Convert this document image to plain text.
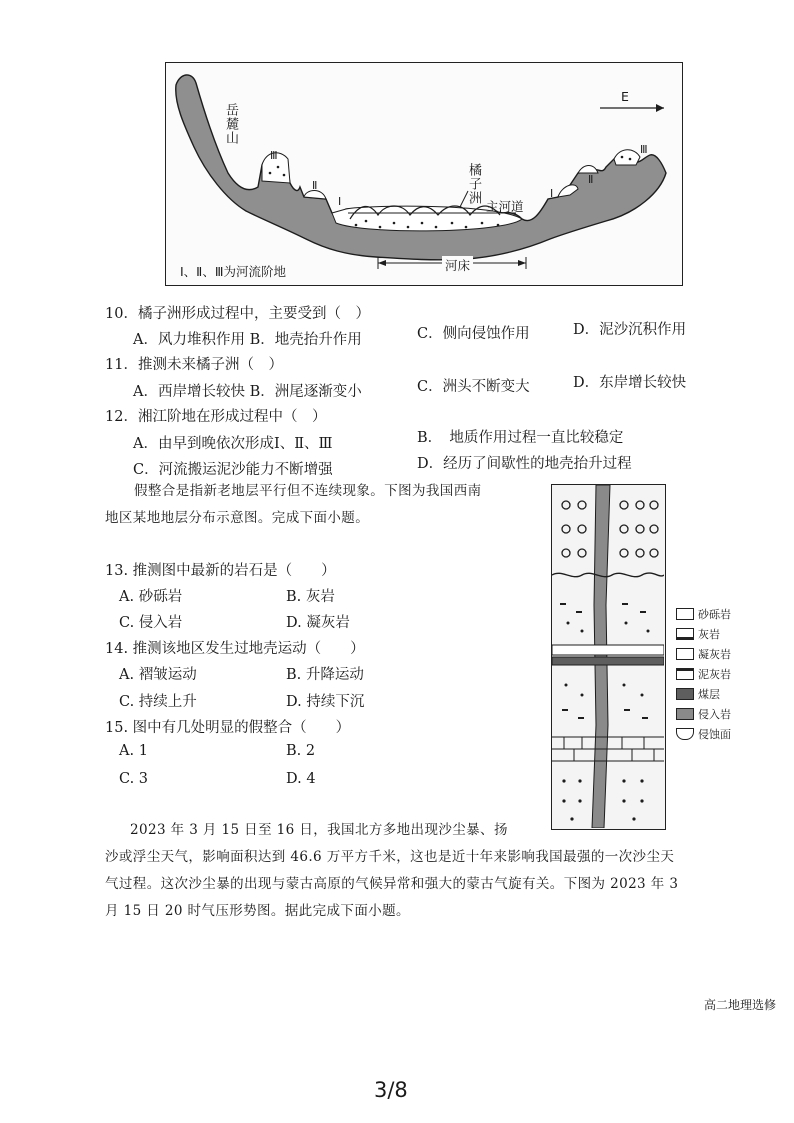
岳麓山
橘子洲
主河道
E
Ⅲ
Ⅱ
Ⅰ
Ⅰ
Ⅱ
Ⅲ
Ⅰ、Ⅱ、Ⅲ为河流阶地	河床
10．橘子洲形成过程中，主要受到（　）
A．风力堆积作用 B．地壳抬升作用	C．侧向侵蚀作用	D．泥沙沉积作用
11．推测未来橘子洲（　）
A．西岸增长较快 B．洲尾逐渐变小	C．洲头不断变大	D．东岸增长较快
12．湘江阶地在形成过程中（　）
A．由早到晚依次形成Ⅰ、Ⅱ、Ⅲ	B．　地质作用过程一直比较稳定
C．河流搬运泥沙能力不断增强	D．经历了间歇性的地壳抬升过程
假整合是指新老地层平行但不连续现象。下图为我国西南
地区某地地层分布示意图。完成下面小题。
13. 推测图中最新的岩石是（　　）
A. 砂砾岩	B. 灰岩
C. 侵入岩	D. 凝灰岩
14. 推测该地区发生过地壳运动（　　）
A. 褶皱运动	B. 升降运动
C. 持续上升	D. 持续下沉
15. 图中有几处明显的假整合（　　）
A. 1	B. 2
C. 3	D. 4
砂砾岩
灰岩
凝灰岩
泥灰岩
煤层
侵入岩
侵蚀面
2023 年 3 月 15 日至 16 日，我国北方多地出现沙尘暴、扬
沙或浮尘天气，影响面积达到 46.6 万平方千米，这也是近十年来影响我国最强的一次沙尘天
气过程。这次沙尘暴的出现与蒙古高原的气候异常和强大的蒙古气旋有关。下图为 2023 年 3
月 15 日 20 时气压形势图。据此完成下面小题。
高二地理选修
3/8
